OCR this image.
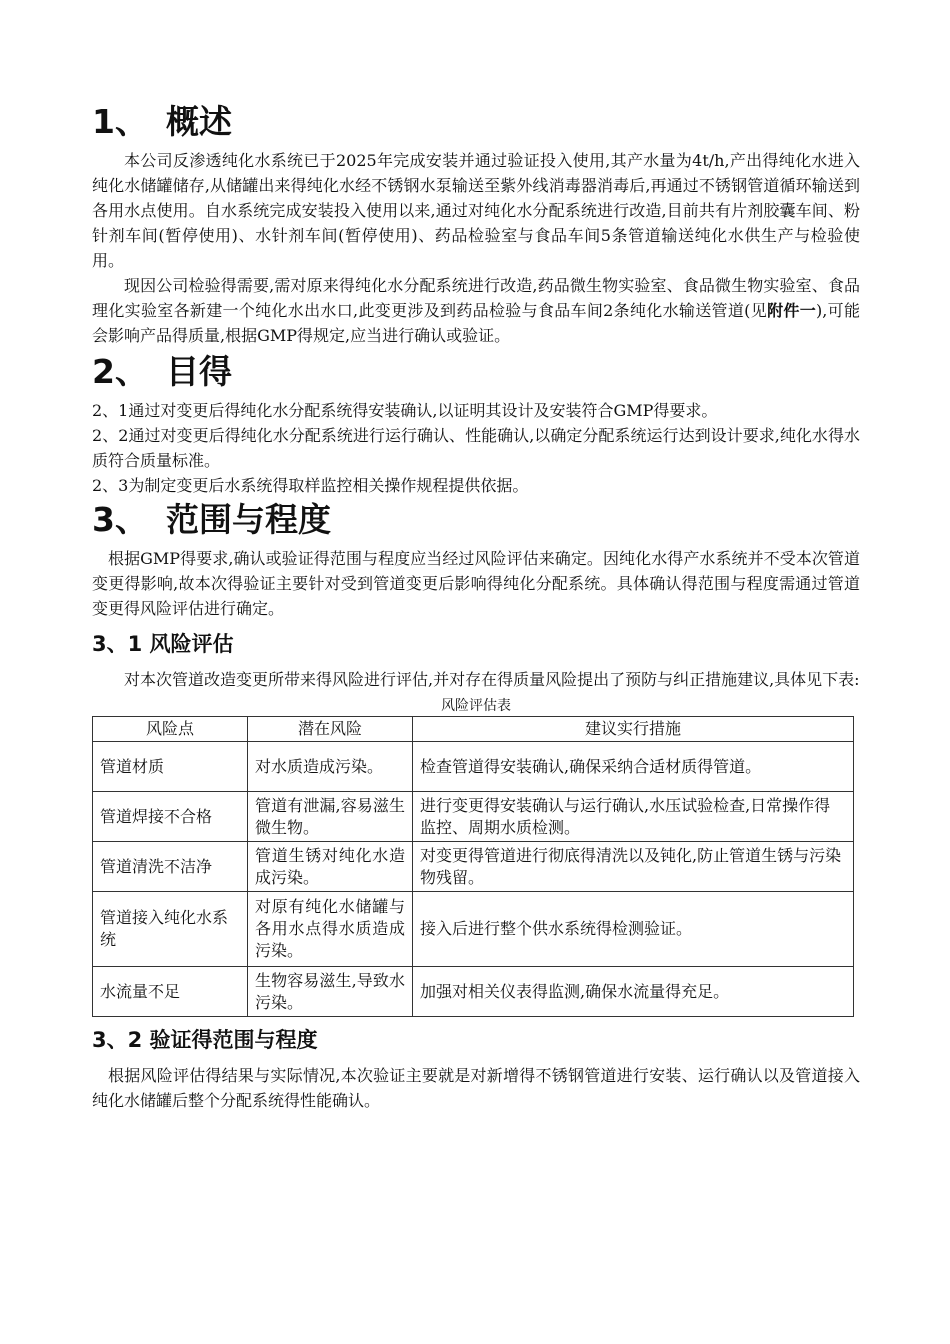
1、 概述

本公司反渗透纯化水系统已于2025年完成安装并通过验证投入使用,其产水量为4t/h,产出得纯化水进入纯化水储罐储存,从储罐出来得纯化水经不锈钢水泵输送至紫外线消毒器消毒后,再通过不锈钢管道循环输送到各用水点使用。自水系统完成安装投入使用以来,通过对纯化水分配系统进行改造,目前共有片剂胶囊车间、粉针剂车间(暂停使用)、水针剂车间(暂停使用)、药品检验室与食品车间5条管道输送纯化水供生产与检验使用。

现因公司检验得需要,需对原来得纯化水分配系统进行改造,药品微生物实验室、食品微生物实验室、食品理化实验室各新建一个纯化水出水口,此变更涉及到药品检验与食品车间2条纯化水输送管道(见附件一),可能会影响产品得质量,根据GMP得规定,应当进行确认或验证。

2、 目得

2、1通过对变更后得纯化水分配系统得安装确认,以证明其设计及安装符合GMP得要求。

2、2通过对变更后得纯化水分配系统进行运行确认、性能确认,以确定分配系统运行达到设计要求,纯化水得水质符合质量标准。

2、3为制定变更后水系统得取样监控相关操作规程提供依据。

3、 范围与程度

根据GMP得要求,确认或验证得范围与程度应当经过风险评估来确定。因纯化水得产水系统并不受本次管道变更得影响,故本次得验证主要针对受到管道变更后影响得纯化分配系统。具体确认得范围与程度需通过管道变更得风险评估进行确定。

3、1 风险评估

对本次管道改造变更所带来得风险进行评估,并对存在得质量风险提出了预防与纠正措施建议,具体见下表:

风险评估表
风险点	潜在风险	建议实行措施
管道材质	对水质造成污染。	检查管道得安装确认,确保采纳合适材质得管道。
管道焊接不合格	管道有泄漏,容易滋生微生物。	进行变更得安装确认与运行确认,水压试验检查,日常操作得监控、周期水质检测。
管道清洗不洁净	管道生锈对纯化水造成污染。	对变更得管道进行彻底得清洗以及钝化,防止管道生锈与污染物残留。
管道接入纯化水系统	对原有纯化水储罐与各用水点得水质造成污染。	接入后进行整个供水系统得检测验证。
水流量不足	生物容易滋生,导致水污染。	加强对相关仪表得监测,确保水流量得充足。
3、2 验证得范围与程度

根据风险评估得结果与实际情况,本次验证主要就是对新增得不锈钢管道进行安装、运行确认以及管道接入纯化水储罐后整个分配系统得性能确认。
